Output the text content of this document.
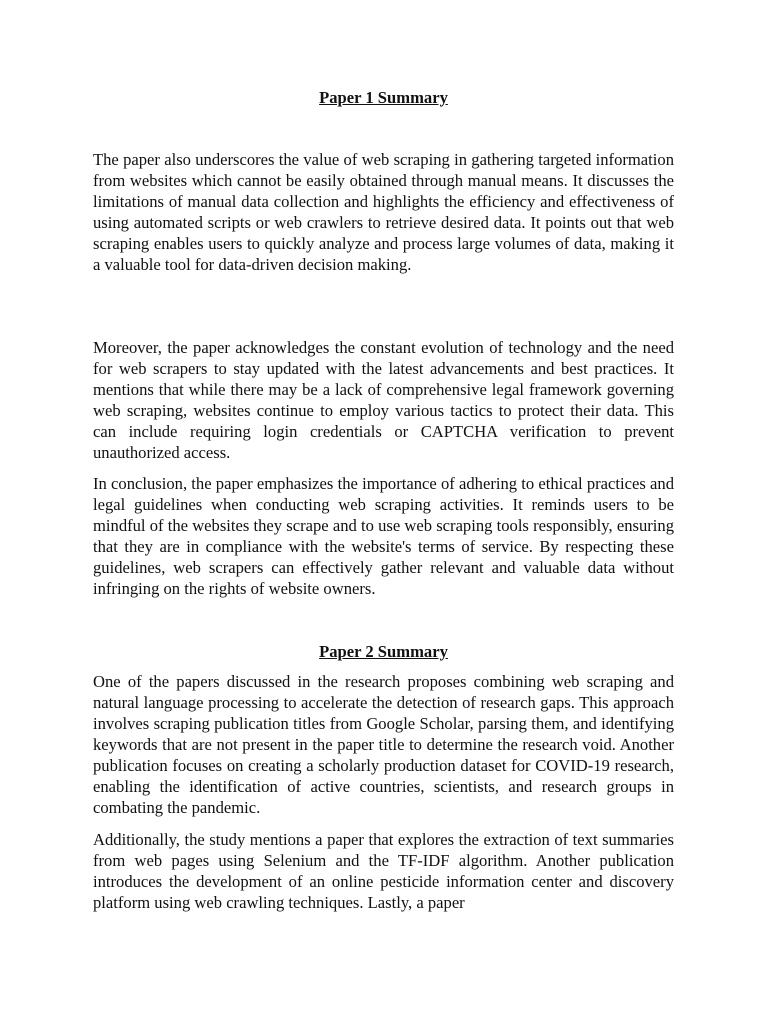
Paper 1 Summary

The paper also underscores the value of web scraping in gathering targeted information from websites which cannot be easily obtained through manual means. It discusses the limitations of manual data collection and highlights the efficiency and effectiveness of using automated scripts or web crawlers to retrieve desired data. It points out that web scraping enables users to quickly analyze and process large volumes of data, making it a valuable tool for data-driven decision making.

Moreover, the paper acknowledges the constant evolution of technology and the need for web scrapers to stay updated with the latest advancements and best practices. It mentions that while there may be a lack of comprehensive legal framework governing web scraping, websites continue to employ various tactics to protect their data. This can include requiring login credentials or CAPTCHA verification to prevent unauthorized access.

In conclusion, the paper emphasizes the importance of adhering to ethical practices and legal guidelines when conducting web scraping activities. It reminds users to be mindful of the websites they scrape and to use web scraping tools responsibly, ensuring that they are in compliance with the website's terms of service. By respecting these guidelines, web scrapers can effectively gather relevant and valuable data without infringing on the rights of website owners.

Paper 2 Summary

One of the papers discussed in the research proposes combining web scraping and natural language processing to accelerate the detection of research gaps. This approach involves scraping publication titles from Google Scholar, parsing them, and identifying keywords that are not present in the paper title to determine the research void. Another publication focuses on creating a scholarly production dataset for COVID-19 research, enabling the identification of active countries, scientists, and research groups in combating the pandemic.

Additionally, the study mentions a paper that explores the extraction of text summaries from web pages using Selenium and the TF-IDF algorithm. Another publication introduces the development of an online pesticide information center and discovery platform using web crawling techniques. Lastly, a paper
